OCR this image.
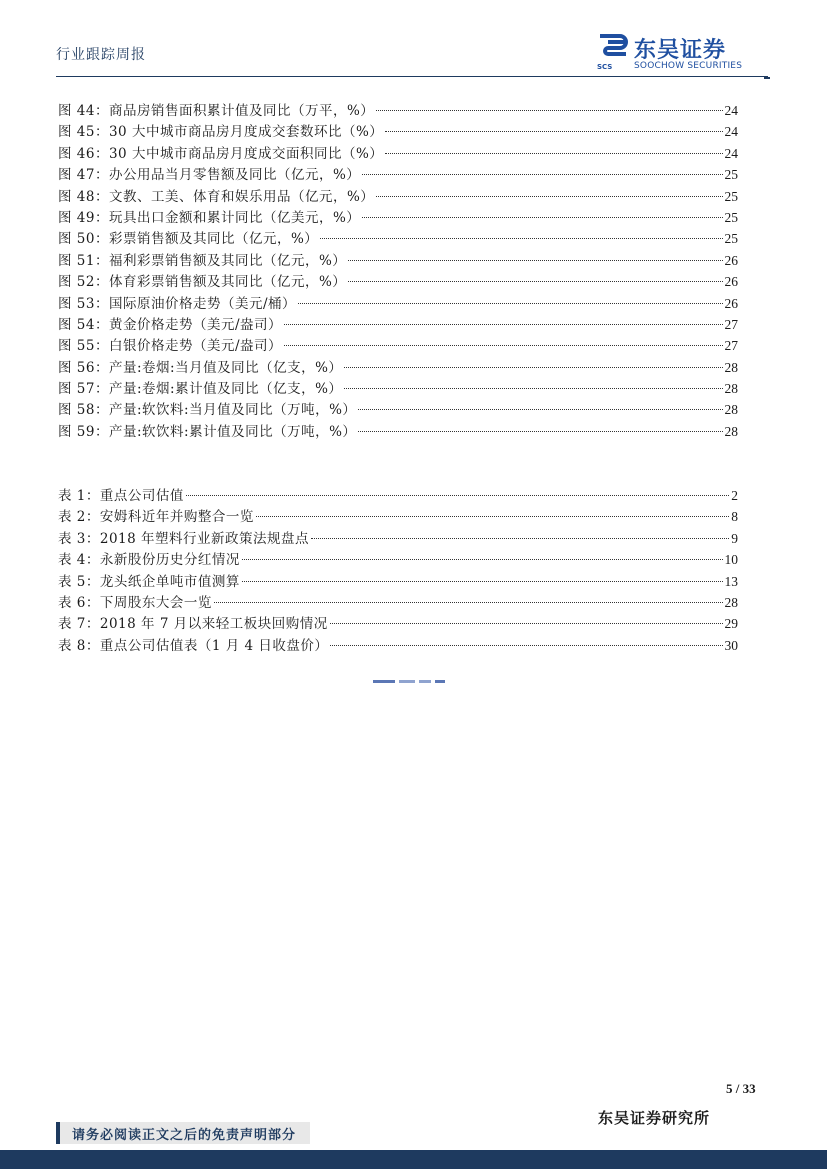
行业跟踪周报
SCS
东吴证券
SOOCHOW SECURITIES
图 44：商品房销售面积累计值及同比（万平，%）	24
图 45：30 大中城市商品房月度成交套数环比（%）	24
图 46：30 大中城市商品房月度成交面积同比（%）	24
图 47：办公用品当月零售额及同比（亿元，%）	25
图 48：文教、工美、体育和娱乐用品（亿元，%）	25
图 49：玩具出口金额和累计同比（亿美元，%）	25
图 50：彩票销售额及其同比（亿元，%）	25
图 51：福利彩票销售额及其同比（亿元，%）	26
图 52：体育彩票销售额及其同比（亿元，%）	26
图 53：国际原油价格走势（美元/桶）	26
图 54：黄金价格走势（美元/盎司）	27
图 55：白银价格走势（美元/盎司）	27
图 56：产量:卷烟:当月值及同比（亿支，%）	28
图 57：产量:卷烟:累计值及同比（亿支，%）	28
图 58：产量:软饮料:当月值及同比（万吨，%）	28
图 59：产量:软饮料:累计值及同比（万吨，%）	28
表 1：重点公司估值	2
表 2：安姆科近年并购整合一览	8
表 3：2018 年塑料行业新政策法规盘点	9
表 4：永新股份历史分红情况	10
表 5：龙头纸企单吨市值测算	13
表 6：下周股东大会一览	28
表 7：2018 年 7 月以来轻工板块回购情况	29
表 8：重点公司估值表（1 月 4 日收盘价）	30
5 / 33
东吴证券研究所
请务必阅读正文之后的免责声明部分
